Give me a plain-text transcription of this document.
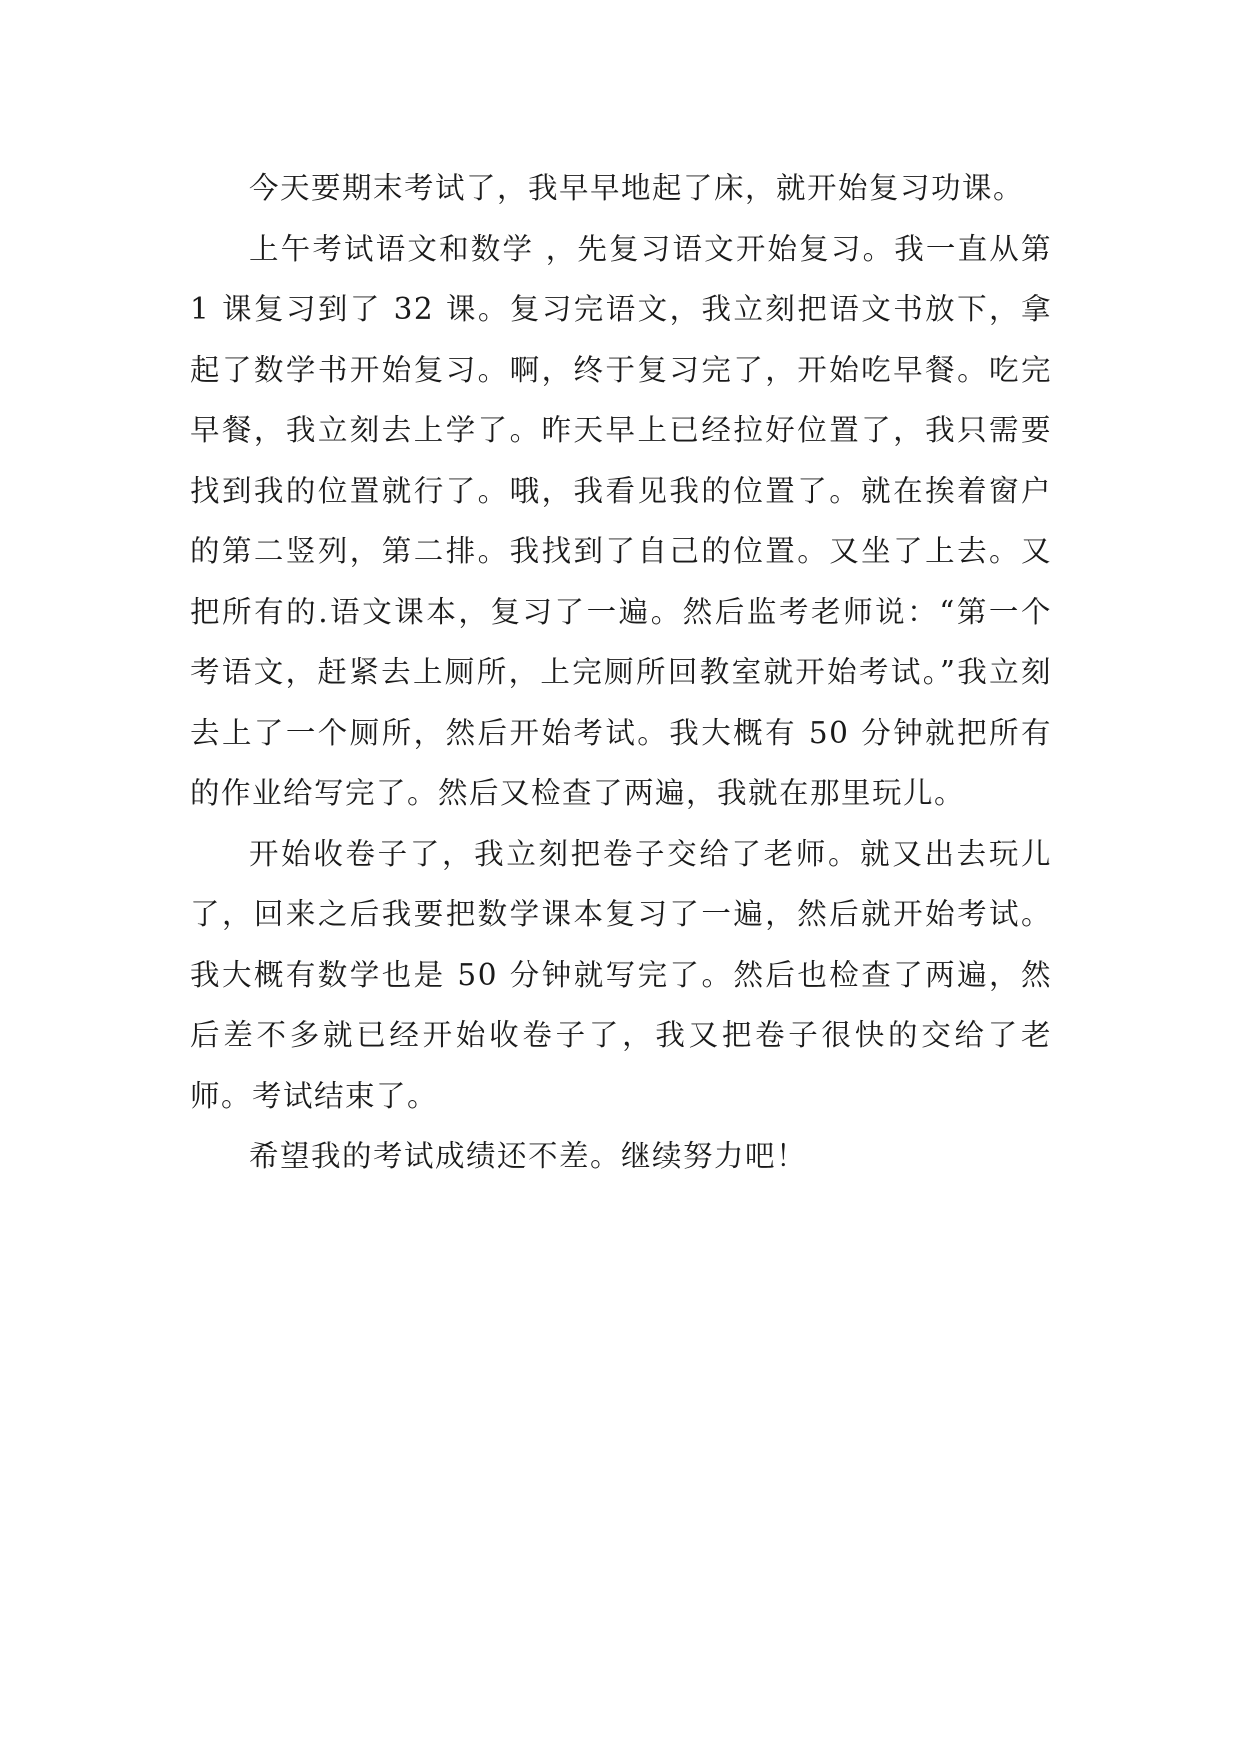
今天要期末考试了，我早早地起了床，就开始复习功课。

上午考试语文和数学 ，先复习语文开始复习。我一直从第 1 课复习到了 32 课。复习完语文，我立刻把语文书放下，拿起了数学书开始复习。啊，终于复习完了，开始吃早餐。吃完早餐，我立刻去上学了。昨天早上已经拉好位置了，我只需要找到我的位置就行了。哦，我看见我的位置了。就在挨着窗户的第二竖列，第二排。我找到了自己的位置。又坐了上去。又把所有的.语文课本，复习了一遍。然后监考老师说：“第一个考语文，赶紧去上厕所，上完厕所回教室就开始考试。”我立刻去上了一个厕所，然后开始考试。我大概有 50 分钟就把所有的作业给写完了。然后又检查了两遍，我就在那里玩儿。

开始收卷子了，我立刻把卷子交给了老师。就又出去玩儿了，回来之后我要把数学课本复习了一遍，然后就开始考试。我大概有数学也是 50 分钟就写完了。然后也检查了两遍，然后差不多就已经开始收卷子了，我又把卷子很快的交给了老师。考试结束了。

希望我的考试成绩还不差。继续努力吧！
